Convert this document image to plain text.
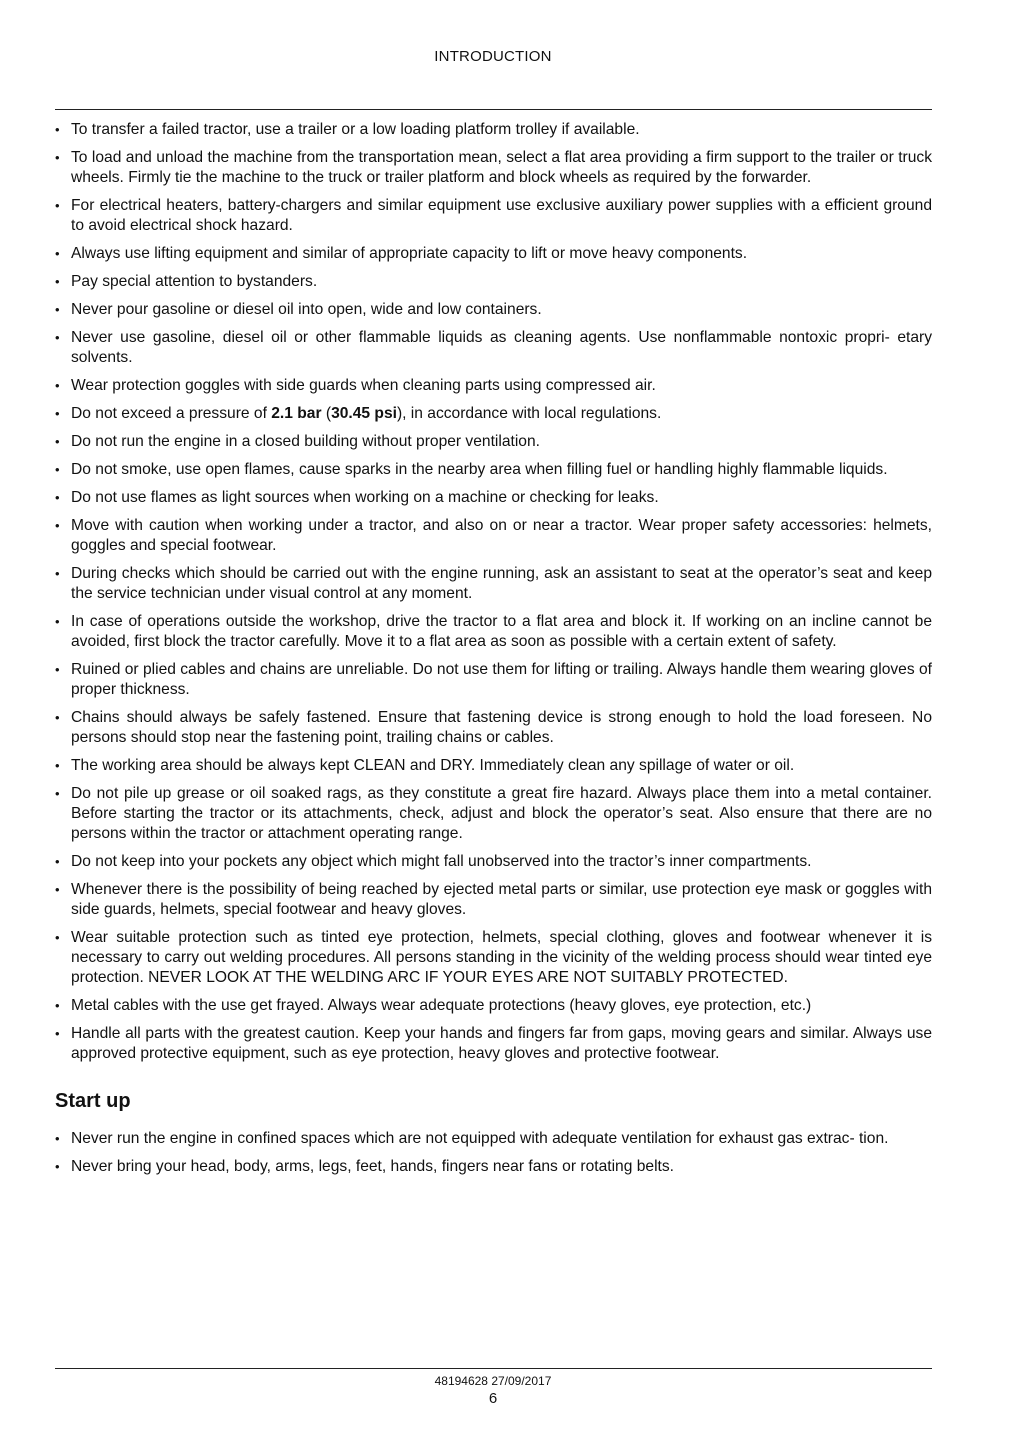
INTRODUCTION
• To transfer a failed tractor, use a trailer or a low loading platform trolley if available.
• To load and unload the machine from the transportation mean, select a flat area providing a firm support to the trailer or truck wheels. Firmly tie the machine to the truck or trailer platform and block wheels as required by the forwarder.
• For electrical heaters, battery-chargers and similar equipment use exclusive auxiliary power supplies with a efficient ground to avoid electrical shock hazard.
• Always use lifting equipment and similar of appropriate capacity to lift or move heavy components.
• Pay special attention to bystanders.
• Never pour gasoline or diesel oil into open, wide and low containers.
• Never use gasoline, diesel oil or other flammable liquids as cleaning agents. Use nonflammable nontoxic propri- etary solvents.
• Wear protection goggles with side guards when cleaning parts using compressed air.
• Do not exceed a pressure of 2.1 bar (30.45 psi), in accordance with local regulations.
• Do not run the engine in a closed building without proper ventilation.
• Do not smoke, use open flames, cause sparks in the nearby area when filling fuel or handling highly flammable liquids.
• Do not use flames as light sources when working on a machine or checking for leaks.
• Move with caution when working under a tractor, and also on or near a tractor. Wear proper safety accessories: helmets, goggles and special footwear.
• During checks which should be carried out with the engine running, ask an assistant to seat at the operator’s seat and keep the service technician under visual control at any moment.
• In case of operations outside the workshop, drive the tractor to a flat area and block it. If working on an incline cannot be avoided, first block the tractor carefully. Move it to a flat area as soon as possible with a certain extent of safety.
• Ruined or plied cables and chains are unreliable. Do not use them for lifting or trailing. Always handle them wearing gloves of proper thickness.
• Chains should always be safely fastened. Ensure that fastening device is strong enough to hold the load foreseen. No persons should stop near the fastening point, trailing chains or cables.
• The working area should be always kept CLEAN and DRY. Immediately clean any spillage of water or oil.
• Do not pile up grease or oil soaked rags, as they constitute a great fire hazard. Always place them into a metal container. Before starting the tractor or its attachments, check, adjust and block the operator’s seat. Also ensure that there are no persons within the tractor or attachment operating range.
• Do not keep into your pockets any object which might fall unobserved into the tractor’s inner compartments.
• Whenever there is the possibility of being reached by ejected metal parts or similar, use protection eye mask or goggles with side guards, helmets, special footwear and heavy gloves.
• Wear suitable protection such as tinted eye protection, helmets, special clothing, gloves and footwear whenever it is necessary to carry out welding procedures. All persons standing in the vicinity of the welding process should wear tinted eye protection. NEVER LOOK AT THE WELDING ARC IF YOUR EYES ARE NOT SUITABLY PROTECTED.
• Metal cables with the use get frayed. Always wear adequate protections (heavy gloves, eye protection, etc.)
• Handle all parts with the greatest caution. Keep your hands and fingers far from gaps, moving gears and similar. Always use approved protective equipment, such as eye protection, heavy gloves and protective footwear.
Start up
• Never run the engine in confined spaces which are not equipped with adequate ventilation for exhaust gas extrac- tion.
• Never bring your head, body, arms, legs, feet, hands, fingers near fans or rotating belts.
48194628 27/09/2017
6
